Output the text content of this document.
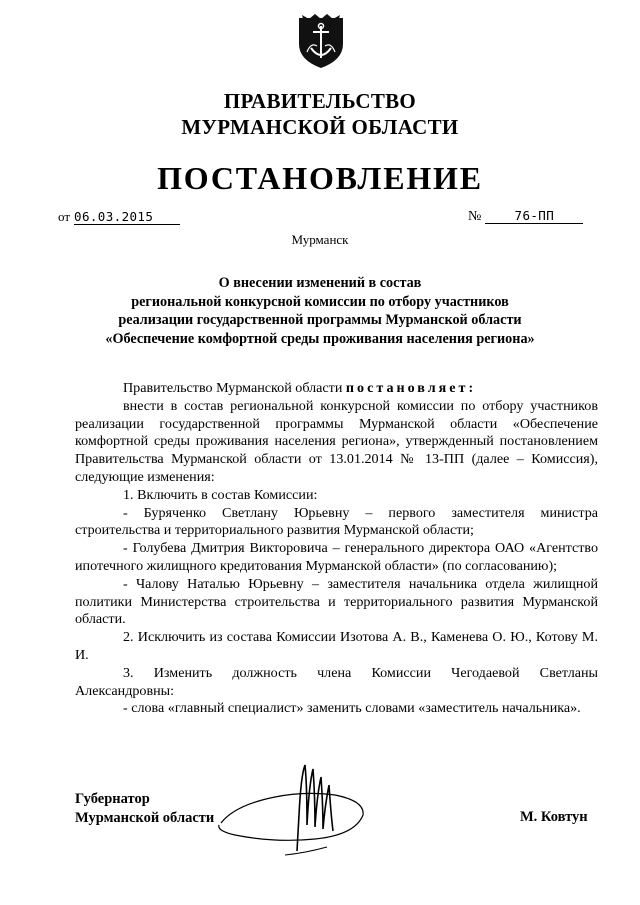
ПРАВИТЕЛЬСТВО
МУРМАНСКОЙ ОБЛАСТИ
ПОСТАНОВЛЕНИЕ
от 06.03.2015	№	76-ПП
Мурманск
О внесении изменений в состав
региональной конкурсной комиссии по отбору участников
реализации государственной программы Мурманской области
«Обеспечение комфортной среды проживания населения региона»

Правительство Мурманской области постановляет:

внести в состав региональной конкурсной комиссии по отбору участников реализации государственной программы Мурманской области «Обеспечение комфортной среды проживания населения региона», утвержденный постановлением Правительства Мурманской области от 13.01.2014 № 13-ПП (далее – Комиссия), следующие изменения:

1. Включить в состав Комиссии:

- Буряченко Светлану Юрьевну – первого заместителя министра строительства и территориального развития Мурманской области;

- Голубева Дмитрия Викторовича – генерального директора ОАО «Агентство ипотечного жилищного кредитования Мурманской области» (по согласованию);

- Чалову Наталью Юрьевну – заместителя начальника отдела жилищной политики Министерства строительства и территориального развития Мурманской области.

2. Исключить из состава Комиссии Изотова А. В., Каменева О. Ю., Котову М. И.

3. Изменить должность члена Комиссии Чегодаевой Светланы Александровны:

- слова «главный специалист» заменить словами «заместитель начальника».

Губернатор
Мурманской области	М. Ковтун
